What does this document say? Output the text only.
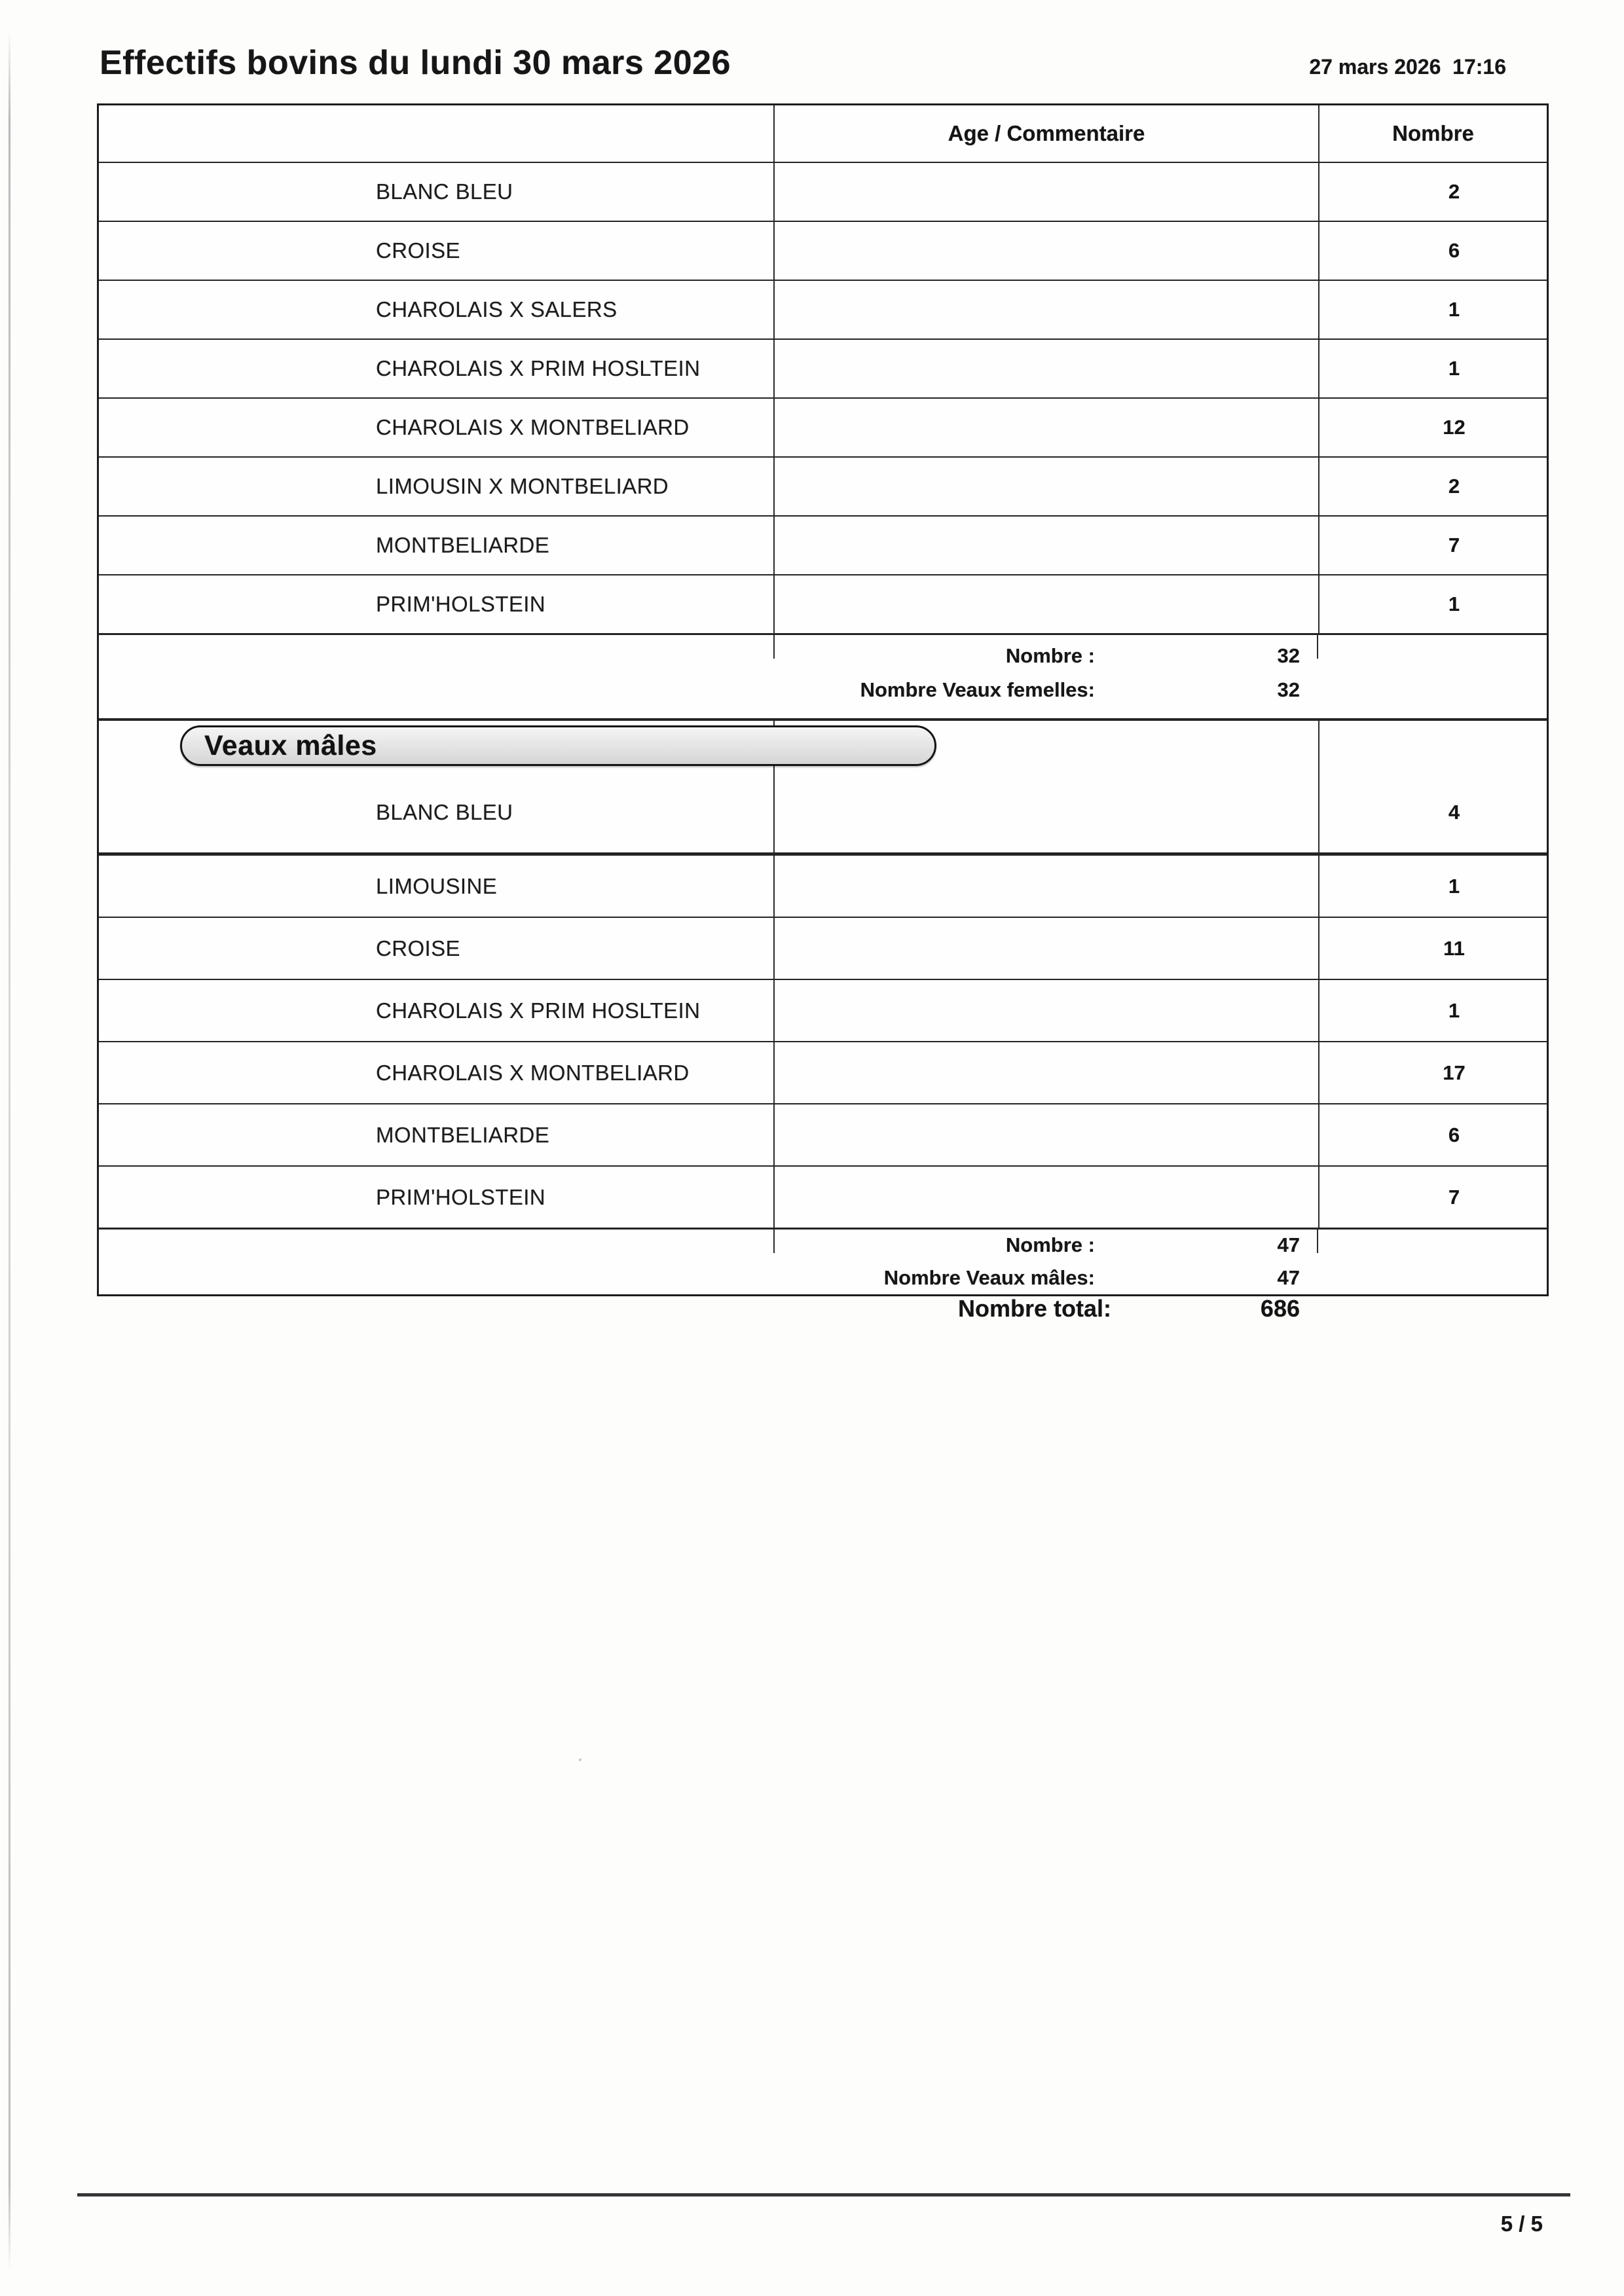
Effectifs bovins du lundi 30 mars 2026	27 mars 2026  17:16
Age / Commentaire	Nombre
BLANC BLEU	2
CROISE	6
CHAROLAIS X SALERS	1
CHAROLAIS X PRIM HOSLTEIN	1
CHAROLAIS X MONTBELIARD	12
LIMOUSIN X MONTBELIARD	2
MONTBELIARDE	7
PRIM'HOLSTEIN	1
Nombre :	32
Nombre Veaux femelles:	32
Veaux mâles
BLANC BLEU	4
LIMOUSINE	1
CROISE	11
CHAROLAIS X PRIM HOSLTEIN	1
CHAROLAIS X MONTBELIARD	17
MONTBELIARDE	6
PRIM'HOLSTEIN	7
Nombre :	47
Nombre Veaux mâles:	47
Nombre total:	686
5 / 5
